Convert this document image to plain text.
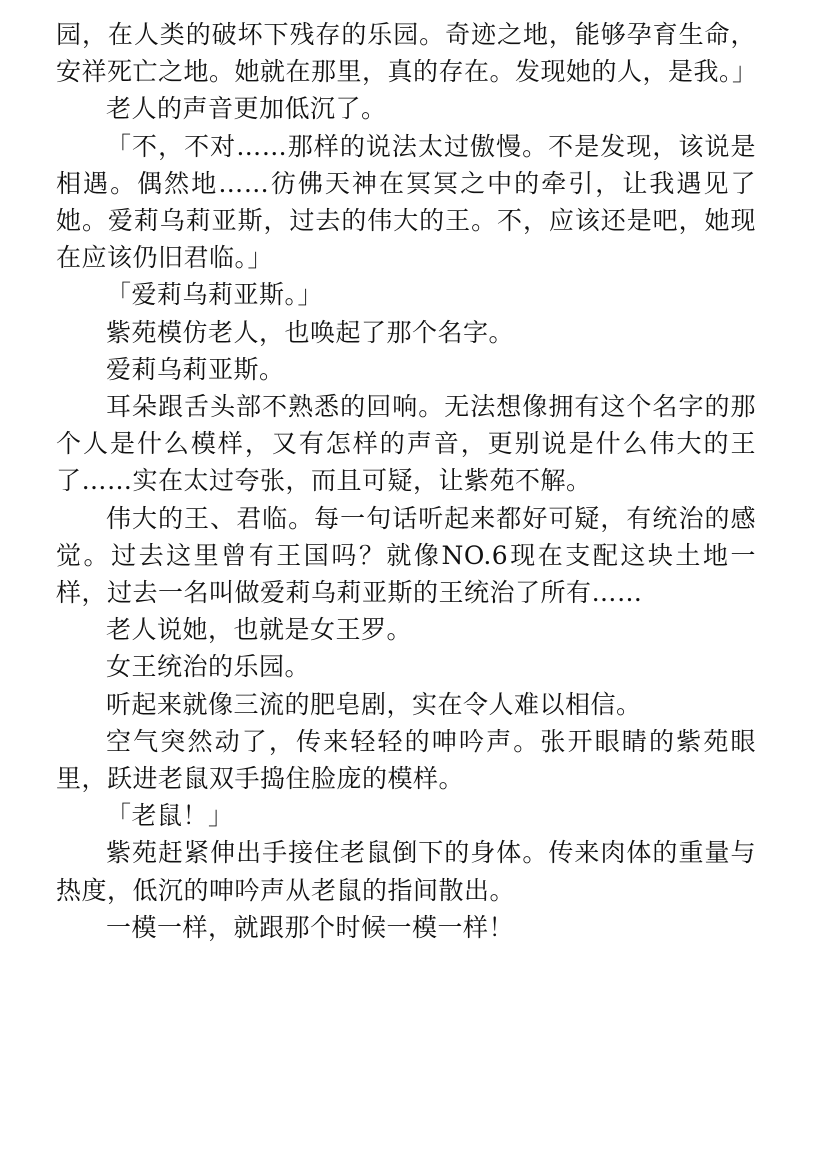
园，在人类的破坏下残存的乐园。奇迹之地，能够孕育生命，安祥死亡之地。她就在那里，真的存在。发现她的人，是我。」

老人的声音更加低沉了。

「不，不对……那样的说法太过傲慢。不是发现，该说是相遇。偶然地……彷佛天神在冥冥之中的牵引，让我遇见了她。爱莉乌莉亚斯，过去的伟大的王。不，应该还是吧，她现在应该仍旧君临。」

「爱莉乌莉亚斯。」

紫苑模仿老人，也唤起了那个名字。

爱莉乌莉亚斯。

耳朵跟舌头部不熟悉的回响。无法想像拥有这个名字的那个人是什么模样，又有怎样的声音，更别说是什么伟大的王了……实在太过夸张，而且可疑，让紫苑不解。

伟大的王、君临。每一句话听起来都好可疑，有统治的感觉。过去这里曾有王国吗？就像NO.6现在支配这块土地一样，过去一名叫做爱莉乌莉亚斯的王统治了所有……

老人说她，也就是女王罗。

女王统治的乐园。

听起来就像三流的肥皂剧，实在令人难以相信。

空气突然动了，传来轻轻的呻吟声。张开眼睛的紫苑眼里，跃进老鼠双手捣住脸庞的模样。

「老鼠！」

紫苑赶紧伸出手接住老鼠倒下的身体。传来肉体的重量与热度，低沉的呻吟声从老鼠的指间散出。

一模一样，就跟那个时候一模一样！
